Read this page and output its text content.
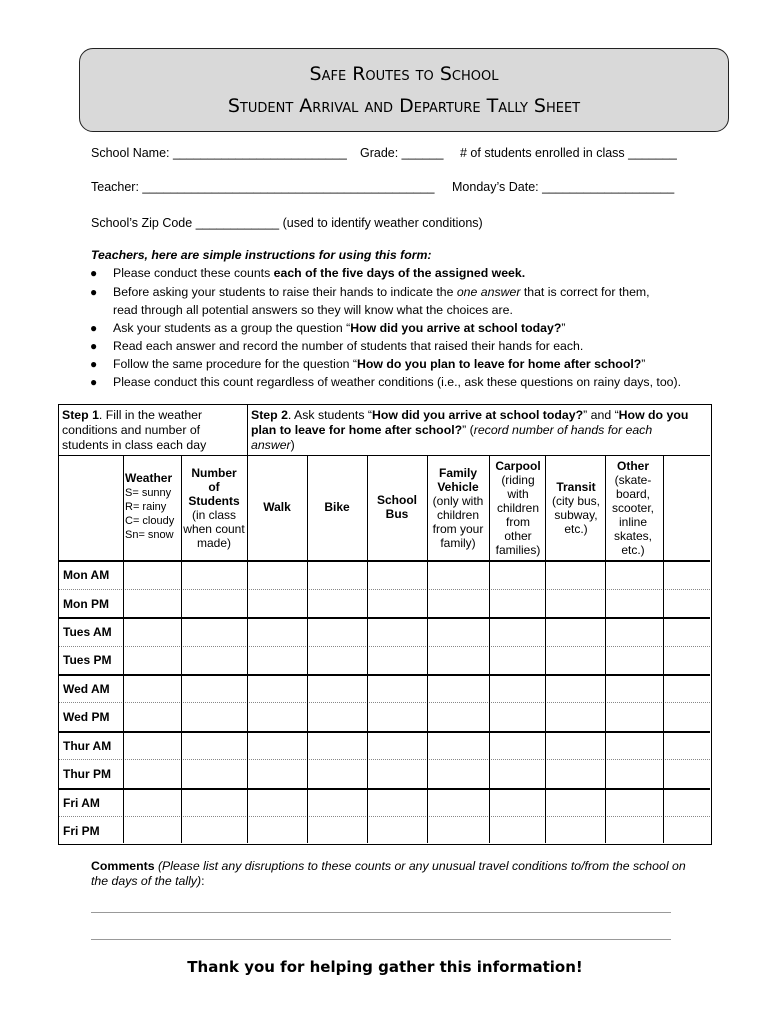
Safe Routes to School
Student Arrival and Departure Tally Sheet
School Name: _________________________ Grade: ______ # of students enrolled in class _______
Teacher: __________________________________________ Monday’s Date: ___________________
School’s Zip Code ____________ (used to identify weather conditions)
Teachers, here are simple instructions for using this form:
● Please conduct these counts each of the five days of the assigned week.
● Before asking your students to raise their hands to indicate the one answer that is correct for them,
read through all potential answers so they will know what the choices are.
● Ask your students as a group the question “How did you arrive at school today?”
● Read each answer and record the number of students that raised their hands for each.
● Follow the same procedure for the question “How do you plan to leave for home after school?”
● Please conduct this count regardless of weather conditions (i.e., ask these questions on rainy days, too).
Step 1. Fill in the weather
conditions and number of
students in class each day
Step 2. Ask students “How did you arrive at school today?” and “How do you
plan to leave for home after school?” (record number of hands for each
answer)
Weather
S= sunny
R= rainy
C= cloudy
Sn= snow
Number
of
Students
(in class
when count
made)
Walk	Bike	School
Bus
Family
Vehicle
(only with
children
from your
family)
Carpool
(riding
with
children
from
other
families)
Transit
(city bus,
subway,
etc.)
Other
(skate-
board,
scooter,
inline
skates,
etc.)
Mon AM
Mon PM
Tues AM
Tues PM
Wed AM
Wed PM
Thur AM
Thur PM
Fri AM
Fri PM
Comments (Please list any disruptions to these counts or any unusual travel conditions to/from the school on the days of the tally):
Thank you for helping gather this information!
